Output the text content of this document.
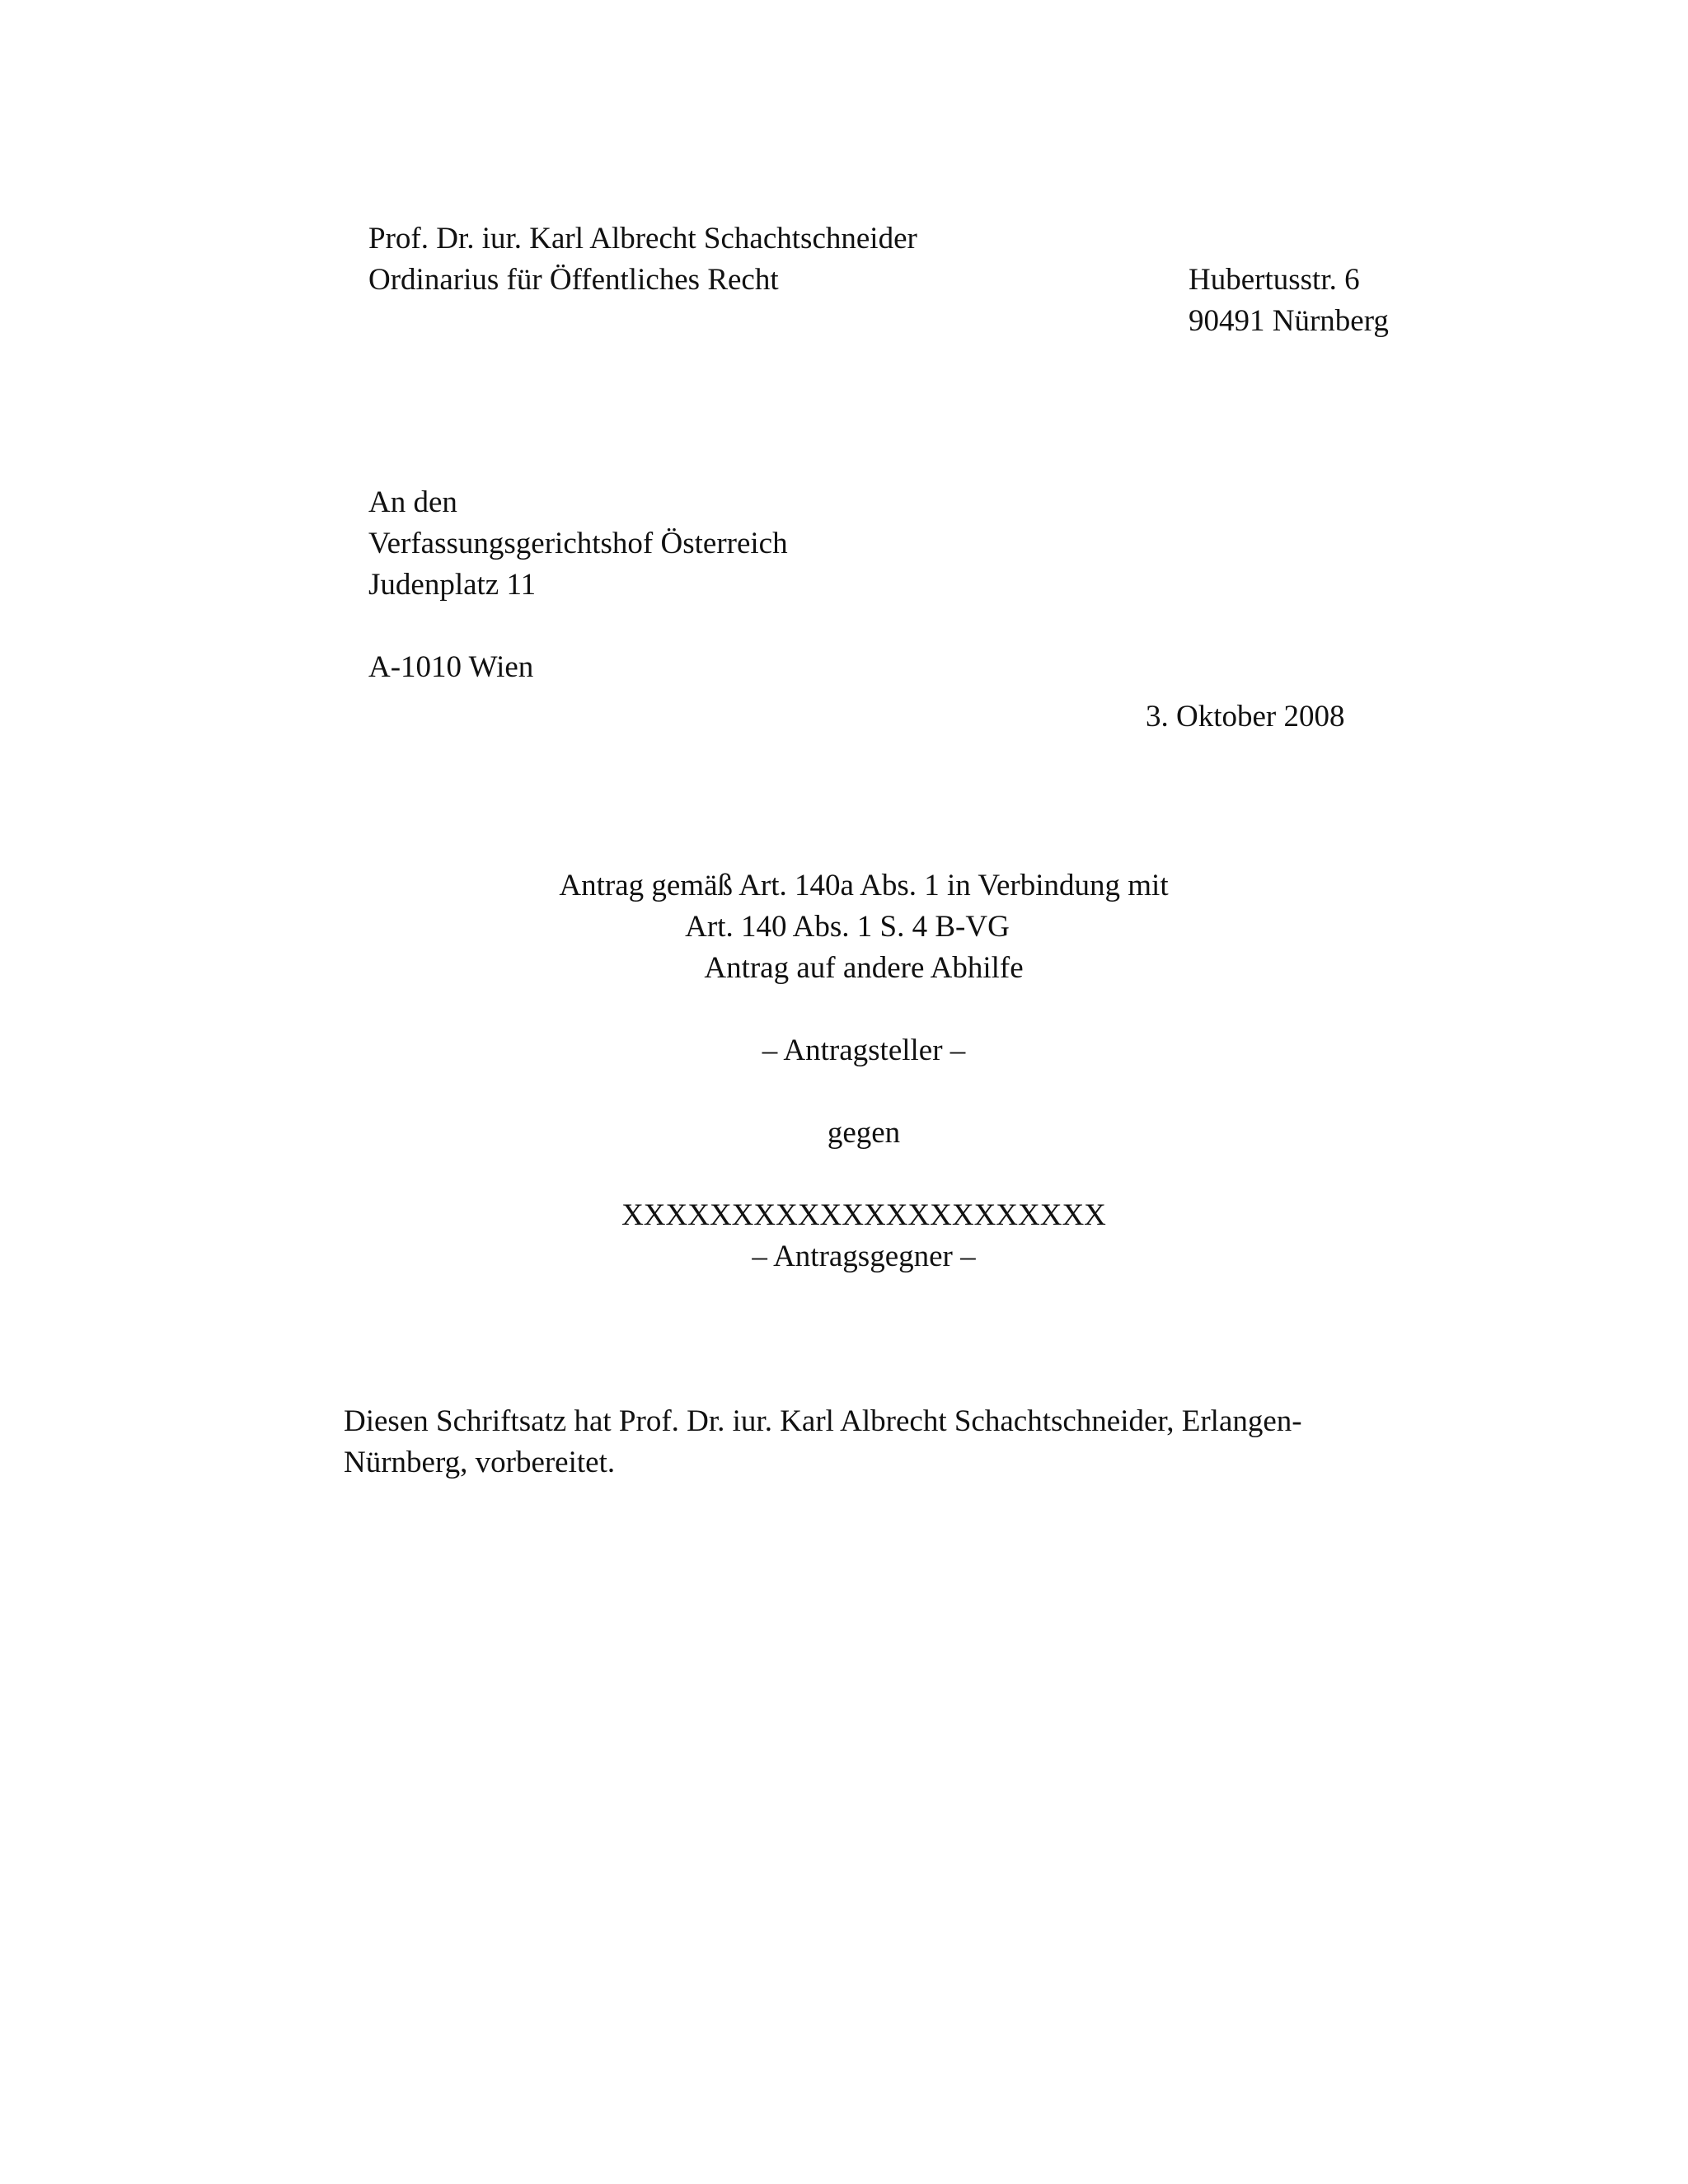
Prof. Dr. iur. Karl Albrecht Schachtschneider

Ordinarius für Öffentliches Recht	Hubertusstr. 6

90491 Nürnberg

An den

Verfassungsgerichtshof Österreich

Judenplatz 11

A-1010 Wien

3. Oktober 2008

Antrag gemäß Art. 140a Abs. 1 in Verbindung mit

Art. 140 Abs. 1 S. 4 B-VG

Antrag auf andere Abhilfe

– Antragsteller –

gegen

XXXXXXXXXXXXXXXXXXXXXX

– Antragsgegner –

Diesen Schriftsatz hat Prof. Dr. iur. Karl Albrecht Schachtschneider, Erlangen-

Nürnberg, vorbereitet.
